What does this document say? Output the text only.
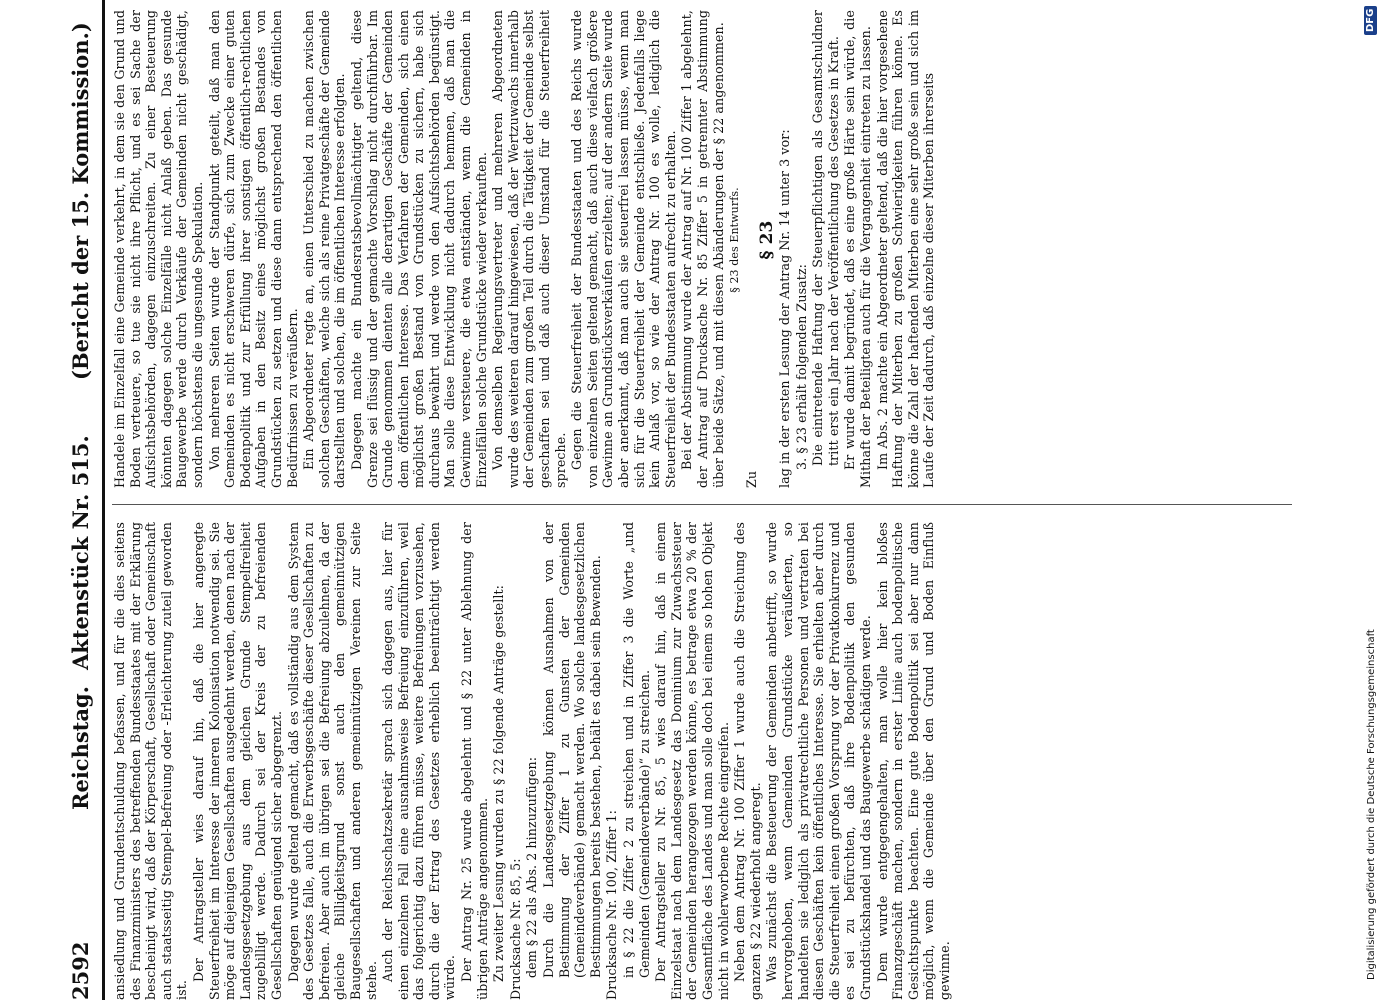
2592
Reichstag.
Aktenstück Nr. 515.
(Bericht der 15. Kommission.)

ansiedlung und Grundentschuldung befassen, und für die dies seitens des Finanzministers des betreffenden Bundesstaates mit der Erklärung bescheinigt wird, daß der Körperschaft, Gesellschaft oder Gemeinschaft auch staatsseitig Stempel-Befreiung oder -Erleichterung zuteil geworden ist.

Der Antragsteller wies darauf hin, daß die hier angeregte Steuerfreiheit im Interesse der inneren Kolonisation notwendig sei. Sie möge auf diejenigen Gesellschaften ausgedehnt werden, denen nach der Landesgesetzgebung aus dem gleichen Grunde Stempelfreiheit zugebilligt werde. Dadurch sei der Kreis der zu befreienden Gesellschaften genügend sicher abgegrenzt. Dagegen wurde geltend gemacht, daß es vollständig aus dem System des Gesetzes falle, auch die Erwerbsgeschäfte dieser Gesellschaften zu befreien. Aber auch im übrigen sei die Befreiung abzulehnen, da der gleiche Billigkeitsgrund sonst auch den gemeinnützigen Baugesellschaften und anderen gemeinnützigen Vereinen zur Seite stehe. Auch der Reichsschatzsekretär sprach sich dagegen aus, hier für einen einzelnen Fall eine ausnahmsweise Befreiung einzuführen, weil das folgerichtig dazu führen müsse, weitere Befreiungen vorzusehen, durch die der Ertrag des Gesetzes erheblich beeinträchtigt werden würde. Der Antrag Nr. 25 wurde abgelehnt und § 22 unter Ablehnung der übrigen Anträge angenommen. Zu zweiter Lesung wurden zu § 22 folgende Anträge gestellt: Drucksache Nr. 85, 5: dem § 22 als Abs. 2 hinzuzufügen: Durch die Landesgesetzgebung können Ausnahmen von der Bestimmung der Ziffer 1 zu Gunsten der Gemeinden (Gemeindeverbände) gemacht werden. Wo solche landesgesetzlichen Bestimmungen bereits bestehen, behält es dabei sein Bewenden. Drucksache Nr. 100, Ziffer 1: in § 22 die Ziffer 2 zu streichen und in Ziffer 3 die Worte „und Gemeinden (Gemeindeverbände)“ zu streichen. Der Antragsteller zu Nr. 85, 5 wies darauf hin, daß in einem Einzelstaat nach dem Landesgesetz das Dominium zur Zuwachssteuer der Gemeinden herangezogen werden könne, es betrage etwa 20 % der Gesamtfläche des Landes und man solle doch bei einem so hohen Objekt nicht in wohlerworbene Rechte eingreifen. Neben dem Antrag Nr. 100 Ziffer 1 wurde auch die Streichung des ganzen § 22 wiederholt angeregt. Was zunächst die Besteuerung der Gemeinden anbetrifft, so wurde hervorgehoben, wenn Gemeinden Grundstücke veräußerten, so handelten sie lediglich als privatrechtliche Personen und vertraten bei diesen Geschäften kein öffentliches Interesse. Sie erhielten aber durch die Steuerfreiheit einen großen Vorsprung vor der Privatkonkurrenz und es sei zu befürchten, daß ihre Bodenpolitik den gesunden Grundstückshandel und das Baugewerbe schädigen werde. Dem wurde entgegengehalten, man wolle hier kein bloßes Finanzgeschäft machen, sondern in erster Linie auch bodenpolitische Gesichtspunkte beachten. Eine gute Bodenpolitik sei aber nur dann möglich, wenn die Gemeinde über den Grund und Boden Einfluß gewinne.

Handele im Einzelfall eine Gemeinde verkehrt, in dem sie den Grund und Boden verteuere, so tue sie nicht ihre Pflicht, und es sei Sache der Aufsichtsbehörden, dagegen einzuschreiten. Zu einer Besteuerung könnten dagegen solche Einzelfälle nicht Anlaß geben. Das gesunde Baugewerbe werde durch Verkäufe der Gemeinden nicht geschädigt, sondern höchstens die ungesunde Spekulation. Von mehreren Seiten wurde der Standpunkt geteilt, daß man den Gemeinden es nicht erschweren dürfe, sich zum Zwecke einer guten Bodenpolitik und zur Erfüllung ihrer sonstigen öffentlich-rechtlichen Aufgaben in den Besitz eines möglichst großen Bestandes von Grundstücken zu setzen und diese dann entsprechend den öffentlichen Bedürfnissen zu veräußern. Ein Abgeordneter regte an, einen Unterschied zu machen zwischen solchen Geschäften, welche sich als reine Privatgeschäfte der Gemeinde darstellten und solchen, die im öffentlichen Interesse erfolgten. Dagegen machte ein Bundesratsbevollmächtigter geltend, diese Grenze sei flüssig und der gemachte Vorschlag nicht durchführbar. Im Grunde genommen dienten alle derartigen Geschäfte der Gemeinden dem öffentlichen Interesse. Das Verfahren der Gemeinden, sich einen möglichst großen Bestand von Grundstücken zu sichern, habe sich durchaus bewährt und werde von den Aufsichtsbehörden begünstigt. Man solle diese Entwicklung nicht dadurch hemmen, daß man die Gewinne versteuere, die etwa entständen, wenn die Gemeinden in Einzelfällen solche Grundstücke wieder verkauften. Von demselben Regierungsvertreter und mehreren Abgeordneten wurde des weiteren darauf hingewiesen, daß der Wertzuwachs innerhalb der Gemeinden zum großen Teil durch die Tätigkeit der Gemeinde selbst geschaffen sei und daß auch dieser Umstand für die Steuerfreiheit spreche. Gegen die Steuerfreiheit der Bundesstaaten und des Reichs wurde von einzelnen Seiten geltend gemacht, daß auch diese vielfach größere Gewinne an Grundstücksverkäufen erzielten; auf der andern Seite wurde aber anerkannt, daß man auch sie steuerfrei lassen müsse, wenn man sich für die Steuerfreiheit der Gemeinde entschließe. Jedenfalls liege kein Anlaß vor, so wie der Antrag Nr. 100 es wolle, lediglich die Steuerfreiheit der Bundesstaaten aufrecht zu erhalten. Bei der Abstimmung wurde der Antrag auf Nr. 100 Ziffer 1 abgelehnt, der Antrag auf Drucksache Nr. 85 Ziffer 5 in getrennter Abstimmung über beide Sätze, und mit diesen Abänderungen der § 22 angenommen. § 23 des Entwurfs.

Zu

§ 23 lag in der ersten Lesung der Antrag Nr. 14 unter 3 vor: 3. § 23 erhält folgenden Zusatz: Die eintretende Haftung der Steuerpflichtigen als Gesamtschuldner tritt erst ein Jahr nach der Veröffentlichung des Gesetzes in Kraft. Er wurde damit begründet, daß es eine große Härte sein würde, die Mithaft der Beteiligten auch für die Vergangenheit eintreten zu lassen. Im Abs. 2 machte ein Abgeordneter geltend, daß die hier vorgesehene Haftung der Miterben zu großen Schwierigkeiten führen könne. Es könne die Zahl der haftenden Miterben eine sehr große sein und sich im Laufe der Zeit dadurch, daß einzelne dieser Miterben ihrerseits

Digitalisierung gefördert durch die Deutsche Forschungsgemeinschaft
DFG
